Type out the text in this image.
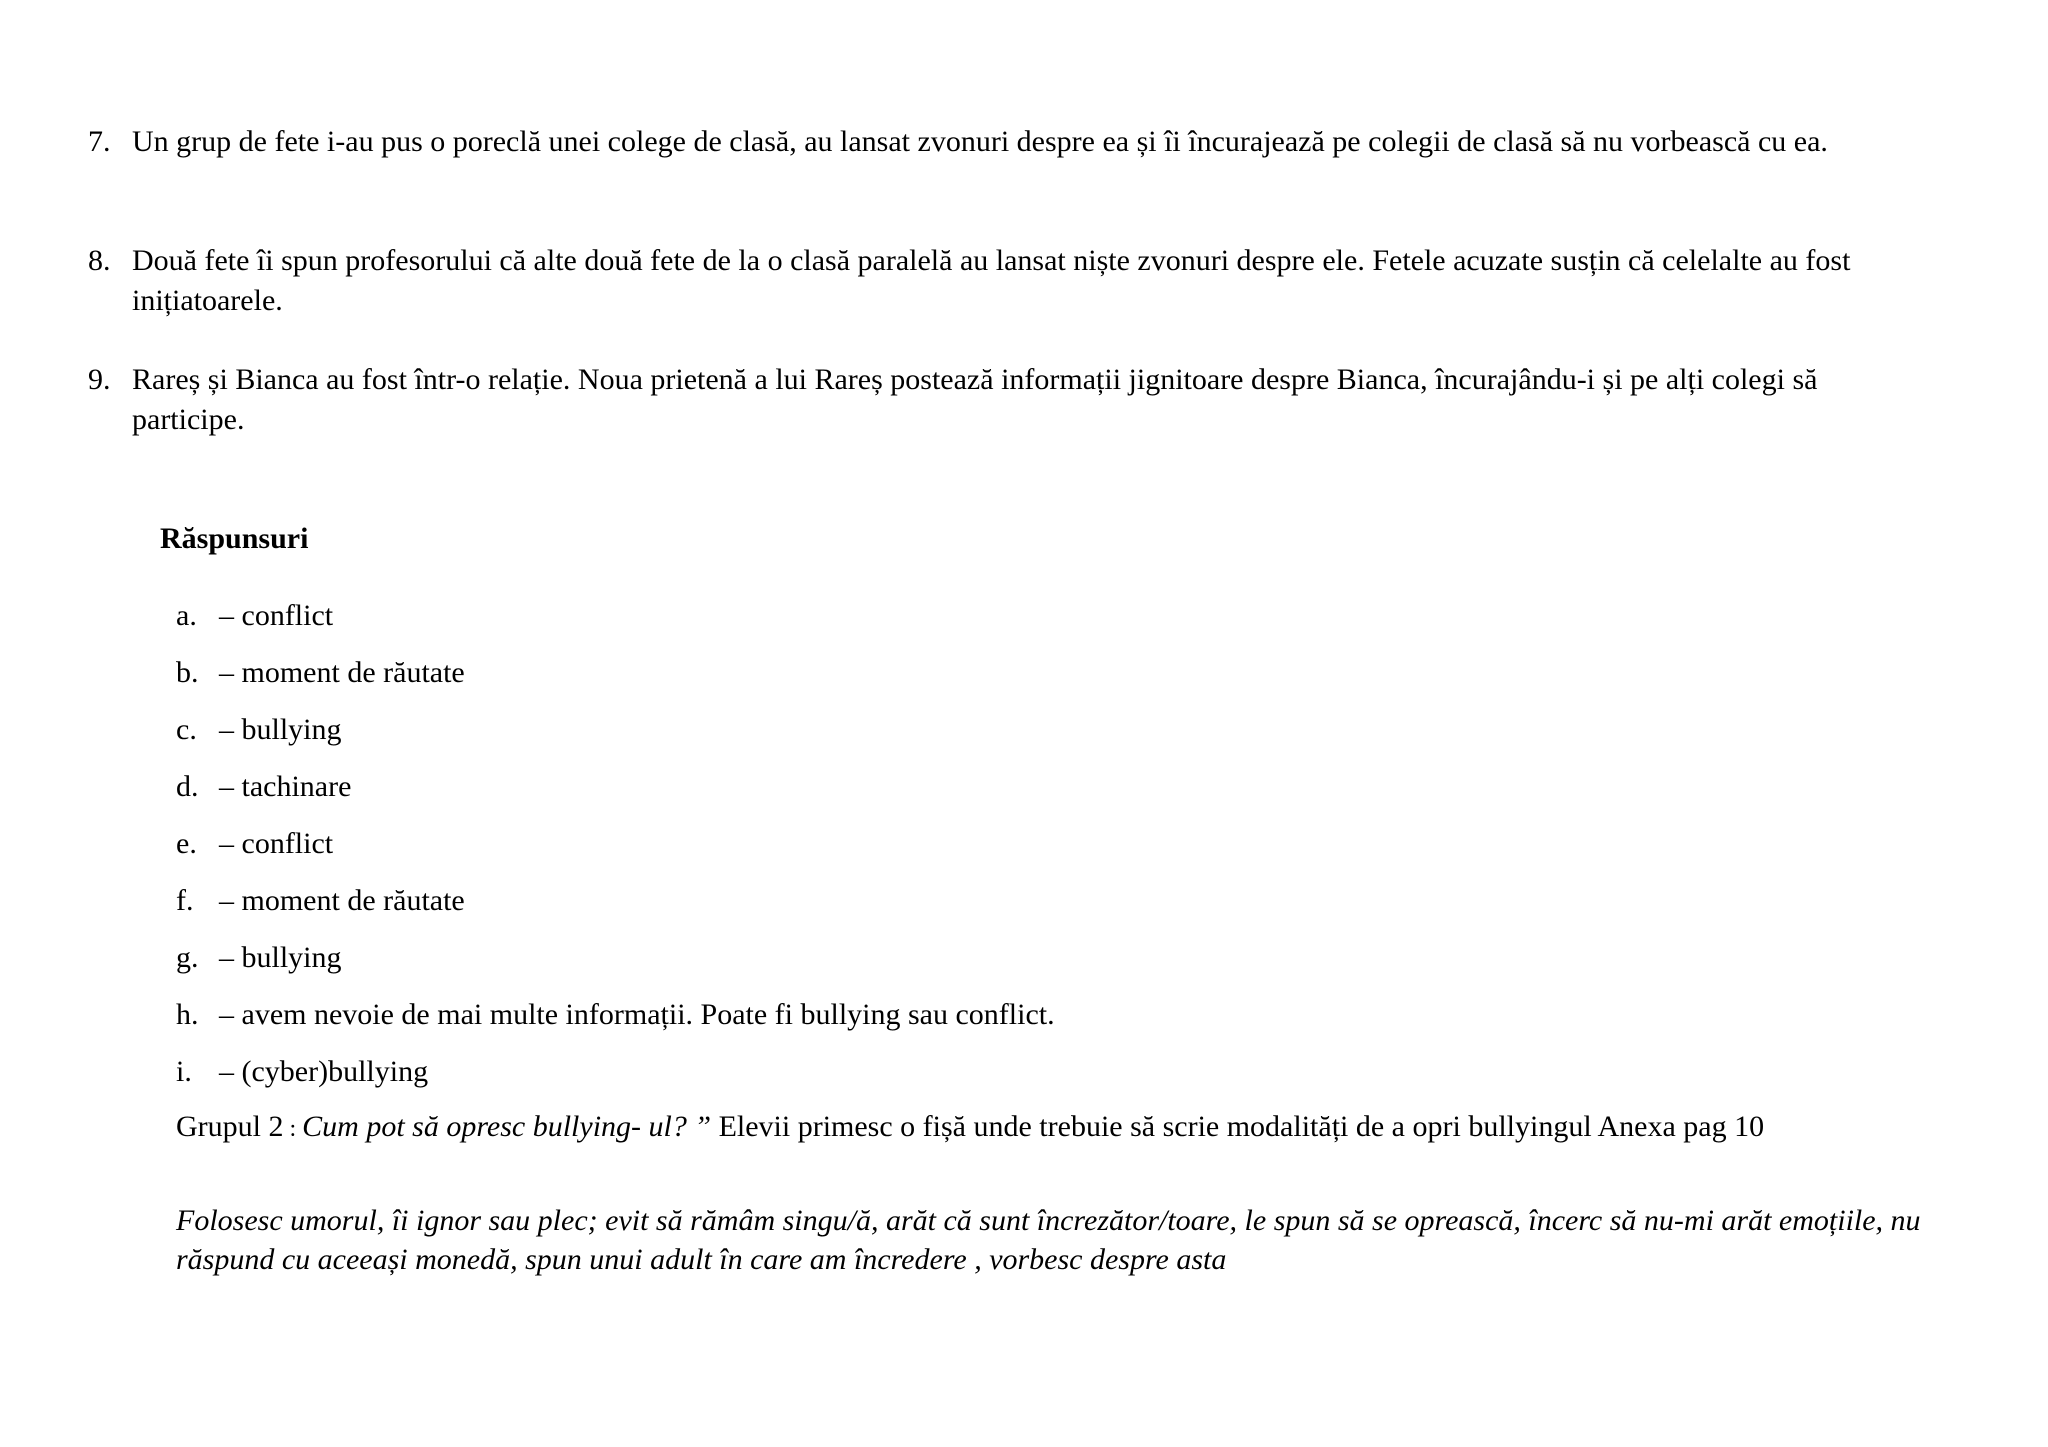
7. Un grup de fete i-au pus o poreclă unei colege de clasă, au lansat zvonuri despre ea și îi încurajează pe colegii de clasă să nu vorbească cu ea.
8. Două fete îi spun profesorului că alte două fete de la o clasă paralelă au lansat niște zvonuri despre ele. Fetele acuzate susțin că celelalte au fost inițiatoarele.
9. Rareș și Bianca au fost într-o relație. Noua prietenă a lui Rareș postează informații jignitoare despre Bianca, încurajându-i și pe alți colegi să participe.
Răspunsuri
a. – conflict
b. – moment de răutate
c. – bullying
d. – tachinare
e. – conflict
f. – moment de răutate
g. – bullying
h. – avem nevoie de mai multe informații. Poate fi bullying sau conflict.
i. – (cyber)bullying
Grupul 2 : Cum pot să opresc bullying- ul? ” Elevii primesc o fișă unde trebuie să scrie modalități de a opri bullyingul Anexa pag 10
Folosesc umorul, îi ignor sau plec; evit să rămâm singu/ă, arăt că sunt încrezător/toare, le spun să se oprească, încerc să nu-mi arăt emoțiile, nu răspund cu aceeași monedă, spun unui adult în care am încredere , vorbesc despre asta
